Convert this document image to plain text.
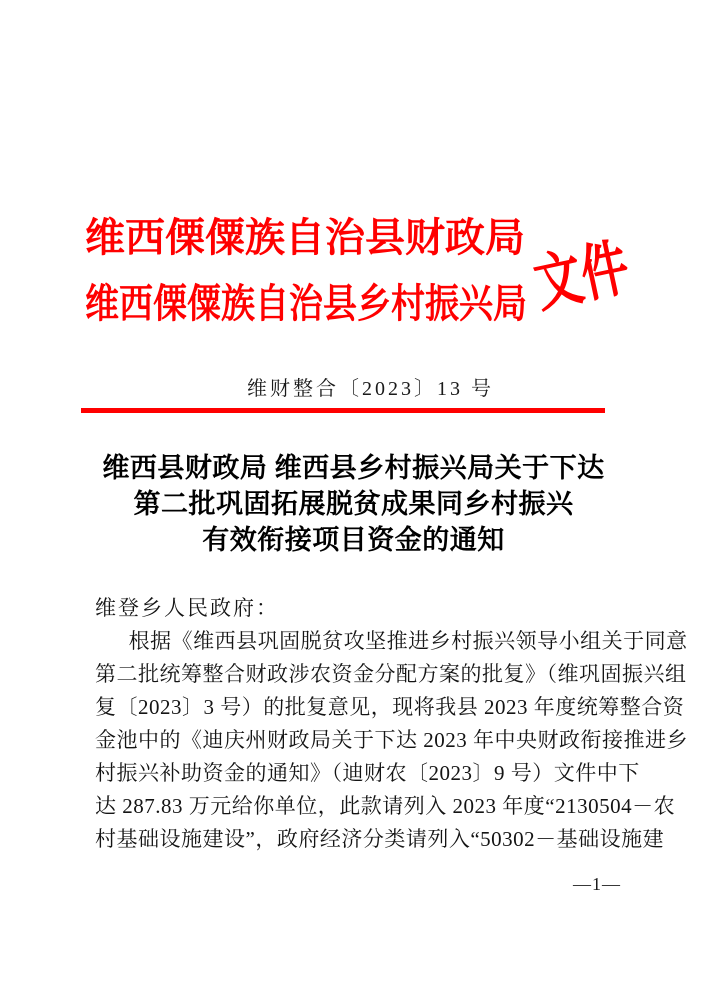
维西傈僳族自治县财政局
维西傈僳族自治县乡村振兴局 文件
维财整合〔2023〕13 号
维西县财政局 维西县乡村振兴局关于下达
第二批巩固拓展脱贫成果同乡村振兴
有效衔接项目资金的通知
维登乡人民政府：
根据《维西县巩固脱贫攻坚推进乡村振兴领导小组关于同意
第二批统筹整合财政涉农资金分配方案的批复》（维巩固振兴组
复〔2023〕3 号）的批复意见，现将我县 2023 年度统筹整合资
金池中的《迪庆州财政局关于下达 2023 年中央财政衔接推进乡
村振兴补助资金的通知》（迪财农〔2023〕9 号）文件中下
达 287.83 万元给你单位，此款请列入 2023 年度“2130504－农
村基础设施建设”，政府经济分类请列入“50302－基础设施建
—1—
